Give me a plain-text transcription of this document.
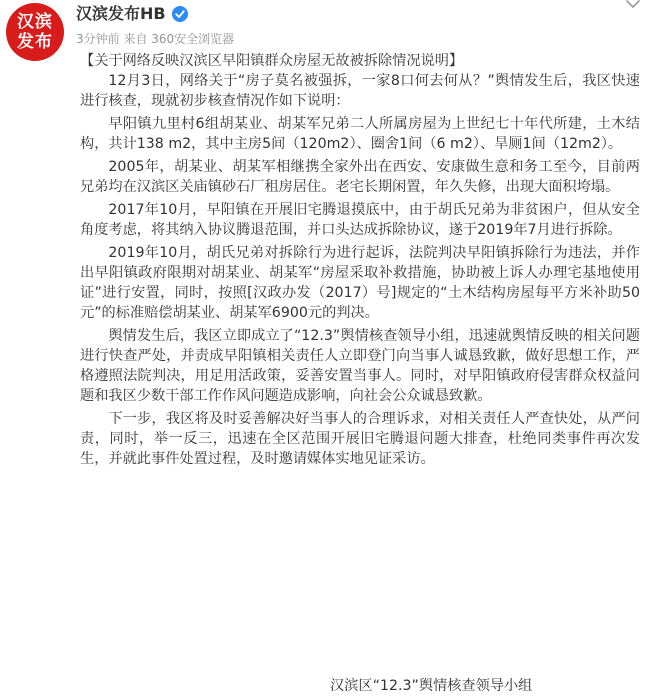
汉滨
发布
汉滨发布HB
3分钟前 来自 360安全浏览器

【关于网络反映汉滨区早阳镇群众房屋无故被拆除情况说明】

12月3日，网络关于“房子莫名被强拆，一家8口何去何从？”舆情发生后，我区快速进行核查，现就初步核查情况作如下说明：

早阳镇九里村6组胡某业、胡某军兄弟二人所属房屋为上世纪七十年代所建，土木结构，共计138 m2，其中主房5间（120m2）、圈舍1间（6 m2）、旱厕1间（12m2）。

2005年，胡某业、胡某军相继携全家外出在西安、安康做生意和务工至今，目前两兄弟均在汉滨区关庙镇砂石厂租房居住。老宅长期闲置，年久失修，出现大面积垮塌。

2017年10月，早阳镇在开展旧宅腾退摸底中，由于胡氏兄弟为非贫困户，但从安全角度考虑，将其纳入协议腾退范围，并口头达成拆除协议，遂于2019年7月进行拆除。

2019年10月，胡氏兄弟对拆除行为进行起诉，法院判决早阳镇拆除行为违法，并作出早阳镇政府限期对胡某业、胡某军“房屋采取补救措施，协助被上诉人办理宅基地使用证”进行安置，同时，按照[汉政办发（2017）号]规定的“土木结构房屋每平方米补助50元”的标准赔偿胡某业、胡某军6900元的判决。

舆情发生后，我区立即成立了“12.3”舆情核查领导小组，迅速就舆情反映的相关问题进行快查严处，并责成早阳镇相关责任人立即登门向当事人诚恳致歉，做好思想工作，严格遵照法院判决，用足用活政策，妥善安置当事人。同时，对早阳镇政府侵害群众权益问题和我区少数干部工作作风问题造成影响，向社会公众诚恳致歉。

下一步，我区将及时妥善解决好当事人的合理诉求，对相关责任人严查快处，从严问责，同时，举一反三，迅速在全区范围开展旧宅腾退问题大排查，杜绝同类事件再次发生，并就此事件处置过程，及时邀请媒体实地见证采访。

汉滨区“12.3”舆情核查领导小组
